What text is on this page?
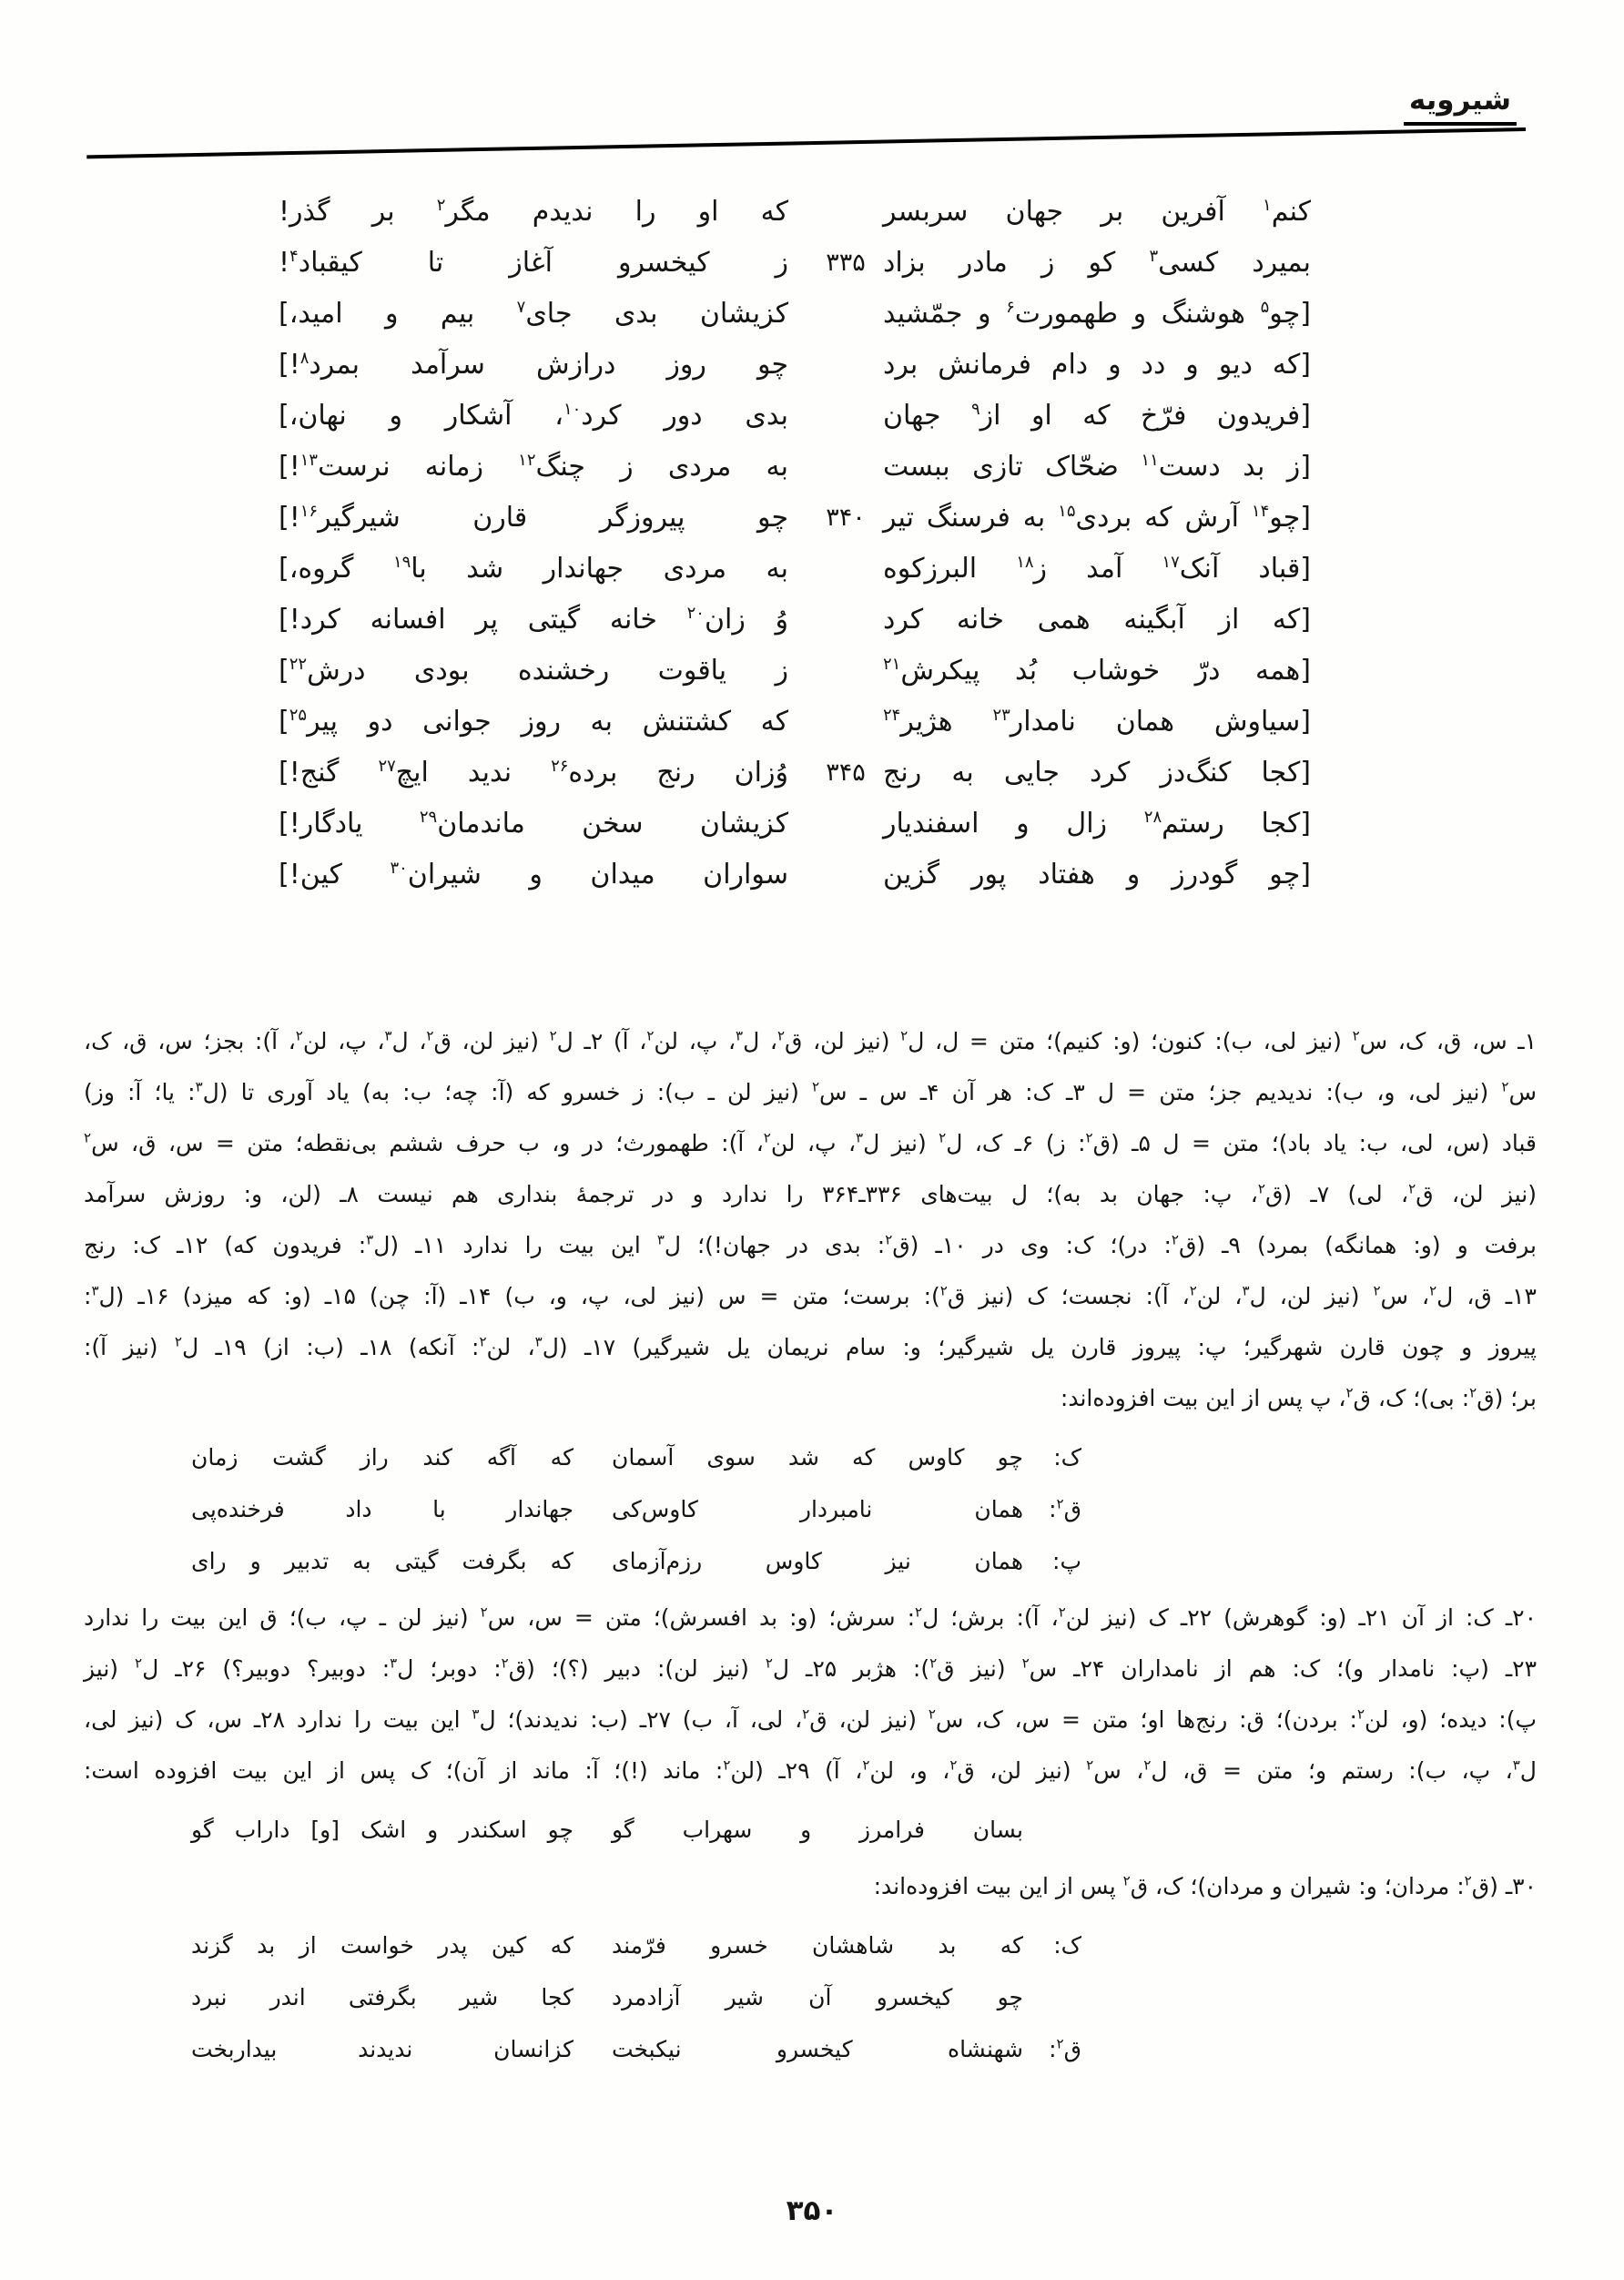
شیرویه
کنم$^۱$ آفرین بر جهان سربسر
که او را ندیدم مگر$^۲$ بر گذر!
بمیرد کسی$^۳$ کو ز مادر بزاد
۳۳۵
ز کیخسرو آغاز تا کیقباد$^۴$!
[چو$^۵$ هوشنگ و طهمورت$^۶$ و جمّشید
کزیشان بدی جای$^۷$ بیم و امید،]
[که دیو و دد و دام فرمانش برد
چو روز درازش سرآمد بمرد$^۸$!]
[فریدون فرّخ که او از$^۹$ جهان
بدی دور کرد$^{۱۰}$، آشکار و نهان،]
[ز بد دست$^{۱۱}$ ضحّاک تازی ببست
به مردی ز چنگ$^{۱۲}$ زمانه نرست$^{۱۳}$!]
[چو$^{۱۴}$ آرش که بردی$^{۱۵}$ به فرسنگ تیر
۳۴۰
چو پیروزگر قارن شیرگیر$^{۱۶}$!]
[قباد آنک$^{۱۷}$ آمد ز$^{۱۸}$ البرزکوه
به مردی جهاندار شد با$^{۱۹}$ گروه،]
[که از آبگینه همی خانه کرد
وُ زان$^{۲۰}$ خانه گیتی پر افسانه کرد!]
[همه درّ خوشاب بُد پیکرش$^{۲۱}$
ز یاقوت رخشنده بودی درش$^{۲۲}$]
[سیاوش همان نامدار$^{۲۳}$ هژیر$^{۲۴}$
که کشتنش به روز جوانی دو پیر$^{۲۵}$]
[کجا کنگ‌دز کرد جایی به رنج
۳۴۵
وُزان رنج برده$^{۲۶}$ ندید ایچ$^{۲۷}$ گنج!]
[کجا رستم$^{۲۸}$ زال و اسفندیار
کزیشان سخن ماندمان$^{۲۹}$ یادگار!]
[چو گودرز و هفتاد پور گزین
سواران میدان و شیران$^{۳۰}$ کین!]
۱ـ س، ق، ک، س$^۲$ (نیز لی، ب): کنون؛ (و: کنیم)؛ متن = ل، ل$^۲$ (نیز لن، ق$^۲$، ل$^۳$، پ، لن$^۲$، آ) ۲ـ ل$^۲$ (نیز لن، ق$^۲$، ل$^۳$، پ، لن$^۲$، آ): بجز؛ س، ق، ک،
س$^۲$ (نیز لی، و، ب): ندیدیم جز؛ متن = ل ۳ـ ک: هر آن ۴ـ س ـ س$^۲$ (نیز لن ـ ب): ز خسرو که (آ: چه؛ ب: به) یاد آوری تا (ل$^۳$: یا؛ آ: وز)
قباد (س، لی، ب: یاد باد)؛ متن = ل ۵ـ (ق$^۲$: ز) ۶ـ ک، ل$^۲$ (نیز ل$^۳$، پ، لن$^۲$، آ): طهمورث؛ در و، ب حرف ششم بی‌نقطه؛ متن = س، ق، س$^۲$
(نیز لن، ق$^۲$، لی) ۷ـ (ق$^۲$، پ: جهان بد به)؛ ل بیت‌های ۳۳۶ـ۳۶۴ را ندارد و در ترجمهٔ بنداری هم نیست ۸ـ (لن، و: روزش سرآمد
برفت و (و: همانگه) بمرد) ۹ـ (ق$^۲$: در)؛ ک: وی در ۱۰ـ (ق$^۲$: بدی در جهان!)؛ ل$^۳$ این بیت را ندارد ۱۱ـ (ل$^۳$: فریدون که) ۱۲ـ ک: رنج
۱۳ـ ق، ل$^۲$، س$^۲$ (نیز لن، ل$^۳$، لن$^۲$، آ): نجست؛ ک (نیز ق$^۲$): برست؛ متن = س (نیز لی، پ، و، ب) ۱۴ـ (آ: چن) ۱۵ـ (و: که میزد) ۱۶ـ (ل$^۳$:
پیروز و چون قارن شهرگیر؛ پ: پیروز قارن یل شیرگیر؛ و: سام نریمان یل شیرگیر) ۱۷ـ (ل$^۳$، لن$^۲$: آنکه) ۱۸ـ (ب: از) ۱۹ـ ل$^۲$ (نیز آ):
بر؛ (ق$^۲$: بی)؛ ک، ق$^۲$، پ پس از این بیت افزوده‌اند:
ک:
چو کاوس که شد سوی آسمان
که آگه کند راز گشت زمان
ق$^۲$:
همان نامبردار کاوس‌کی
جهاندار با داد فرخنده‌پی
پ:
همان نیز کاوس رزم‌آزمای
که بگرفت گیتی به تدبیر و رای
۲۰ـ ک: از آن ۲۱ـ (و: گوهرش) ۲۲ـ ک (نیز لن$^۲$، آ): برش؛ ل$^۲$: سرش؛ (و: بد افسرش)؛ متن = س، س$^۲$ (نیز لن ـ پ، ب)؛ ق این بیت را ندارد
۲۳ـ (پ: نامدار و)؛ ک: هم از نامداران ۲۴ـ س$^۲$ (نیز ق$^۲$): هژبر ۲۵ـ ل$^۲$ (نیز لن): دبیر (؟)؛ (ق$^۲$: دوبر؛ ل$^۳$: دوبیر؟ دوبیر؟) ۲۶ـ ل$^۲$ (نیز
پ): دیده؛ (و، لن$^۲$: بردن)؛ ق: رنج‌ها او؛ متن = س، ک، س$^۲$ (نیز لن، ق$^۲$، لی، آ، ب) ۲۷ـ (ب: ندیدند)؛ ل$^۳$ این بیت را ندارد ۲۸ـ س، ک (نیز لی،
ل$^۳$، پ، ب): رستم و؛ متن = ق، ل$^۲$، س$^۲$ (نیز لن، ق$^۲$، و، لن$^۲$، آ) ۲۹ـ (لن$^۲$: ماند (!)؛ آ: ماند از آن)؛ ک پس از این بیت افزوده است:
بسان فرامرز و سهراب گو
چو اسکندر و اشک [و] داراب گو
۳۰ـ (ق$^۲$: مردان؛ و: شیران و مردان)؛ ک، ق$^۲$ پس از این بیت افزوده‌اند:
ک:
که بد شاهشان خسرو فرّمند
که کین پدر خواست از بد گزند
چو کیخسرو آن شیر آزادمرد
کجا شیر بگرفتی اندر نبرد
ق$^۲$:
شهنشاه کیخسرو نیکبخت
کزانسان ندیدند بیداربخت
۳۵۰
